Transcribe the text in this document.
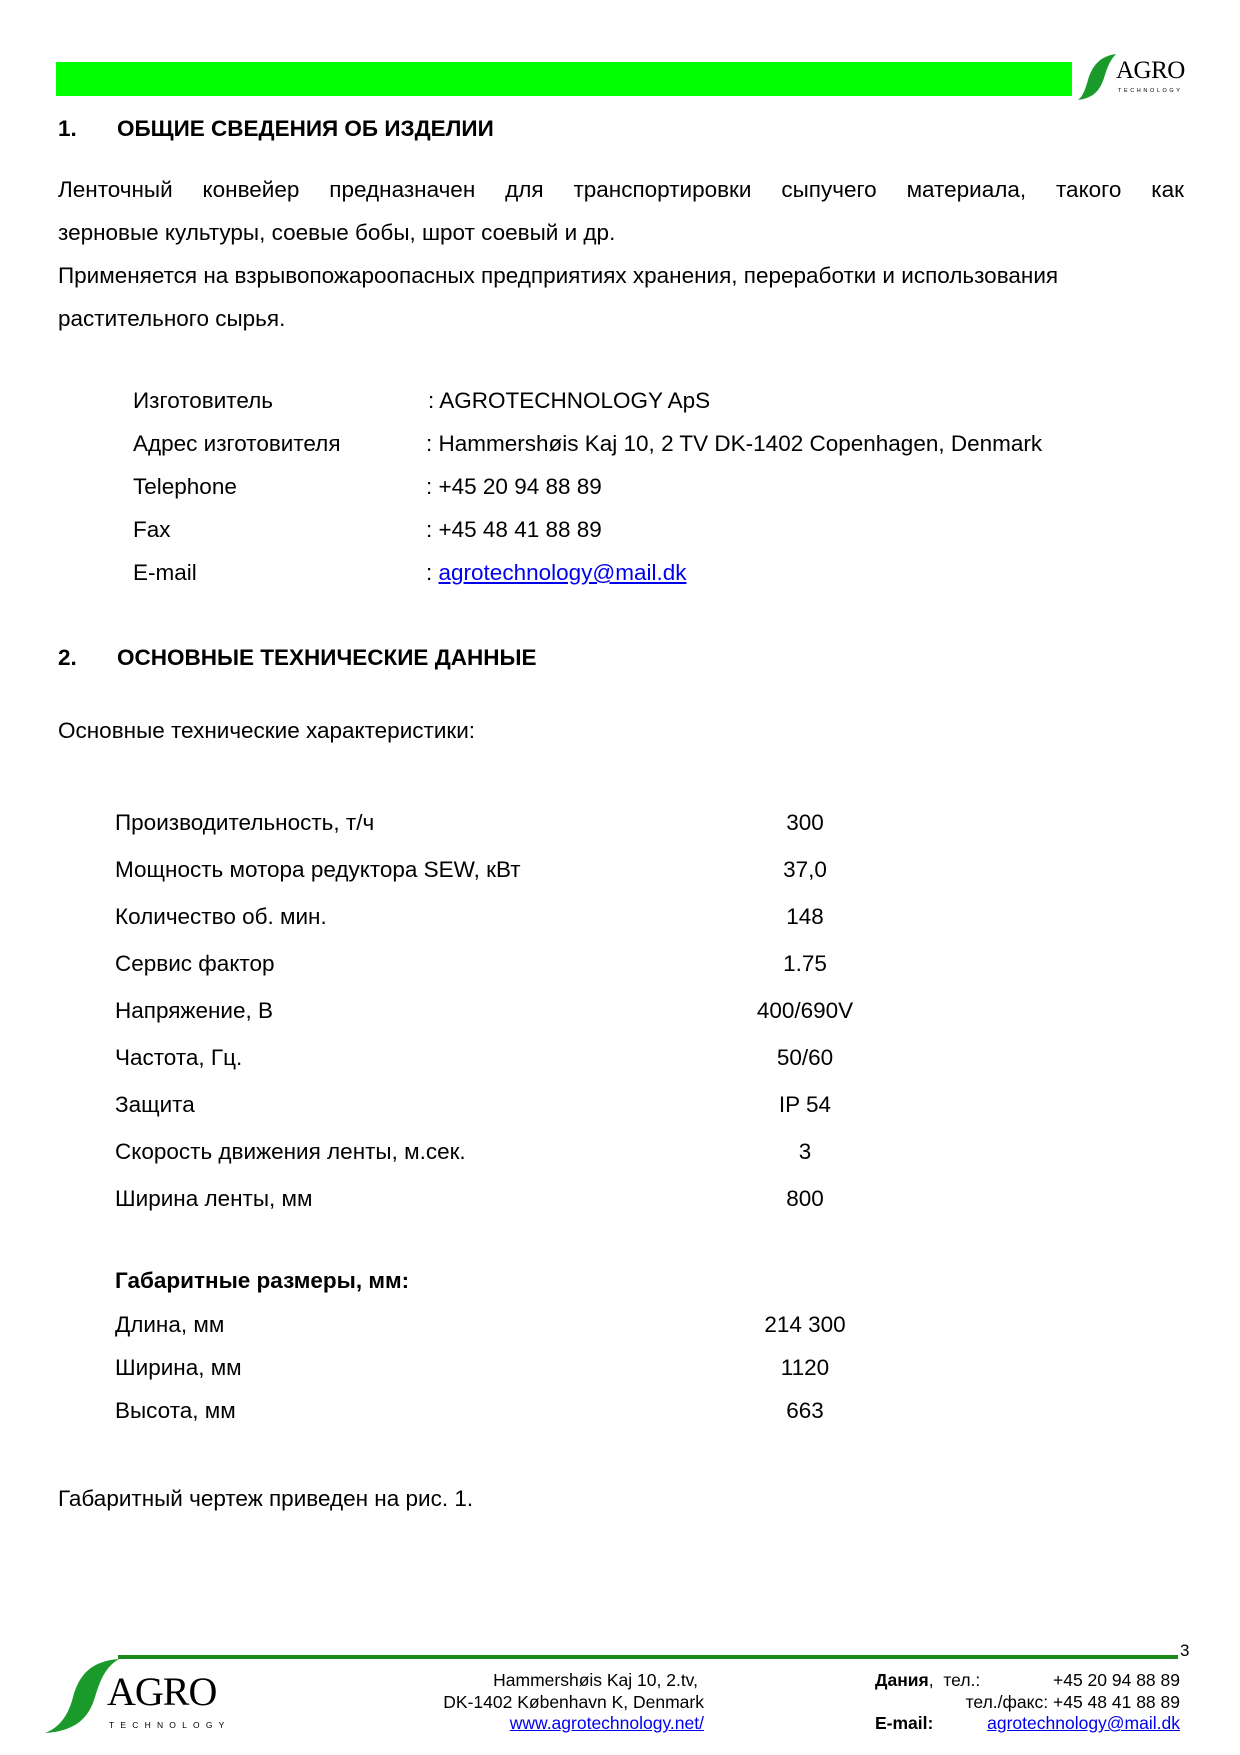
AGRO
TECHNOLOGY
1. ОБЩИЕ СВЕДЕНИЯ ОБ ИЗДЕЛИИ
Ленточный конвейер предназначен для транспортировки сыпучего материала, такого как
зерновые культуры, соевые бобы, шрот соевый и др.
Применяется на взрывопожароопасных предприятиях хранения, переработки и использования
растительного сырья.
Изготовитель	: AGROTECHNOLOGY ApS
Адрес изготовителя	: Hammershøis Kaj 10, 2 TV DK-1402 Copenhagen, Denmark
Telephone	: +45 20 94 88 89
Fax	: +45 48 41 88 89
E-mail	: agrotechnology@mail.dk
2. ОСНОВНЫЕ ТЕХНИЧЕСКИЕ ДАННЫЕ
Основные технические характеристики:
Производительность, т/ч	300
Мощность мотора редуктора SEW, кВт	37,0
Количество об. мин.	148
Сервис фактор	1.75
Напряжение, В	400/690V
Частота, Гц.	50/60
Защита	IP 54
Скорость движения ленты, м.сек.	3
Ширина ленты, мм	800
Габаритные размеры, мм:
Длина, мм	214 300
Ширина, мм	1120
Высота, мм	663
Габаритный чертеж приведен на рис. 1.
3
AGRO
TECHNOLOGY
Hammershøis Kaj 10, 2.tv,
DK-1402 København K, Denmark
www.agrotechnology.net/
Дания, тел.:	+45 20 94 88 89
тел./факс: +45 48 41 88 89
E-mail:	agrotechnology@mail.dk
